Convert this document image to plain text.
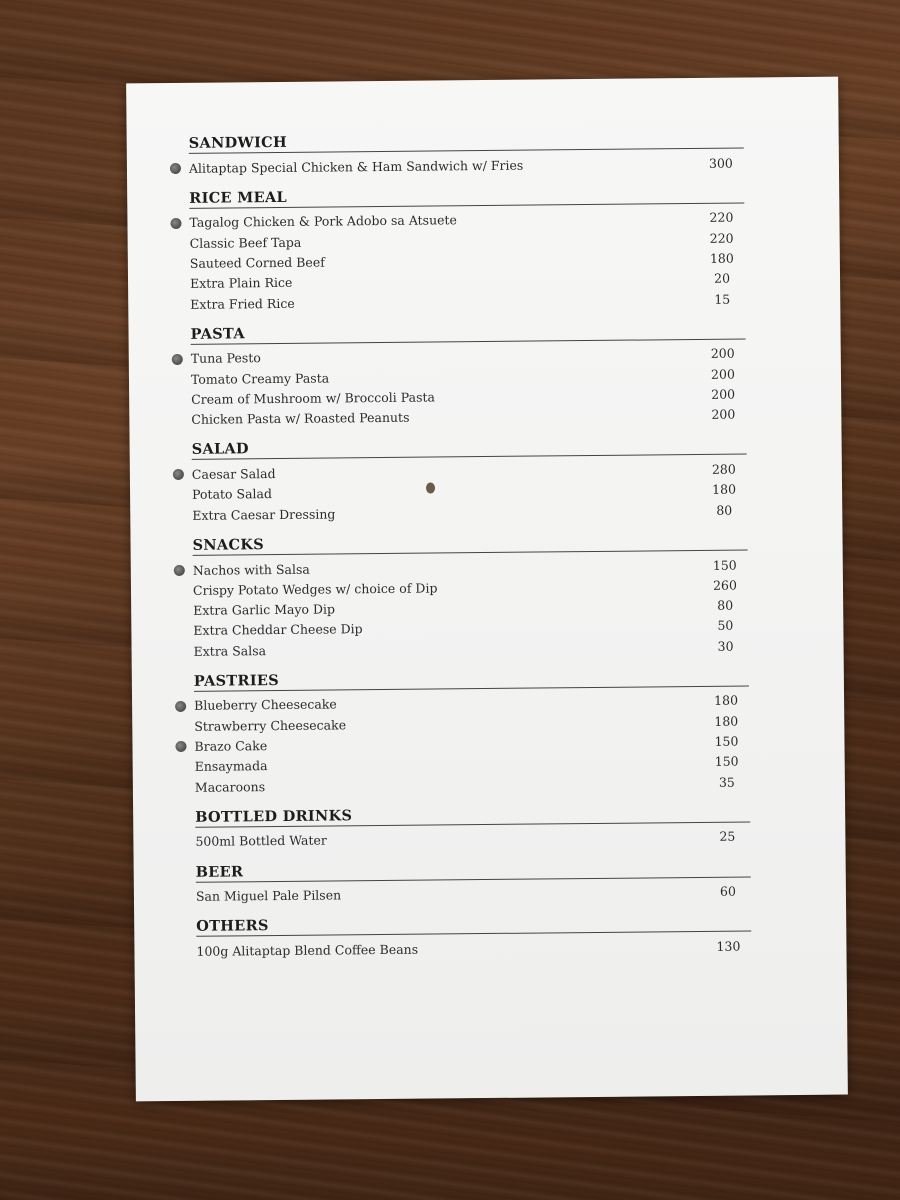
SANDWICH
Alitaptap Special Chicken & Ham Sandwich w/ Fries	300
RICE MEAL
Tagalog Chicken & Pork Adobo sa Atsuete	220
Classic Beef Tapa	220
Sauteed Corned Beef	180
Extra Plain Rice	20
Extra Fried Rice	15
PASTA
Tuna Pesto	200
Tomato Creamy Pasta	200
Cream of Mushroom w/ Broccoli Pasta	200
Chicken Pasta w/ Roasted Peanuts	200
SALAD
Caesar Salad	280
Potato Salad	180
Extra Caesar Dressing	80
SNACKS
Nachos with Salsa	150
Crispy Potato Wedges w/ choice of Dip	260
Extra Garlic Mayo Dip	80
Extra Cheddar Cheese Dip	50
Extra Salsa	30
PASTRIES
Blueberry Cheesecake	180
Strawberry Cheesecake	180
Brazo Cake	150
Ensaymada	150
Macaroons	35
BOTTLED DRINKS
500ml Bottled Water	25
BEER
San Miguel Pale Pilsen	60
OTHERS
100g Alitaptap Blend Coffee Beans	130
